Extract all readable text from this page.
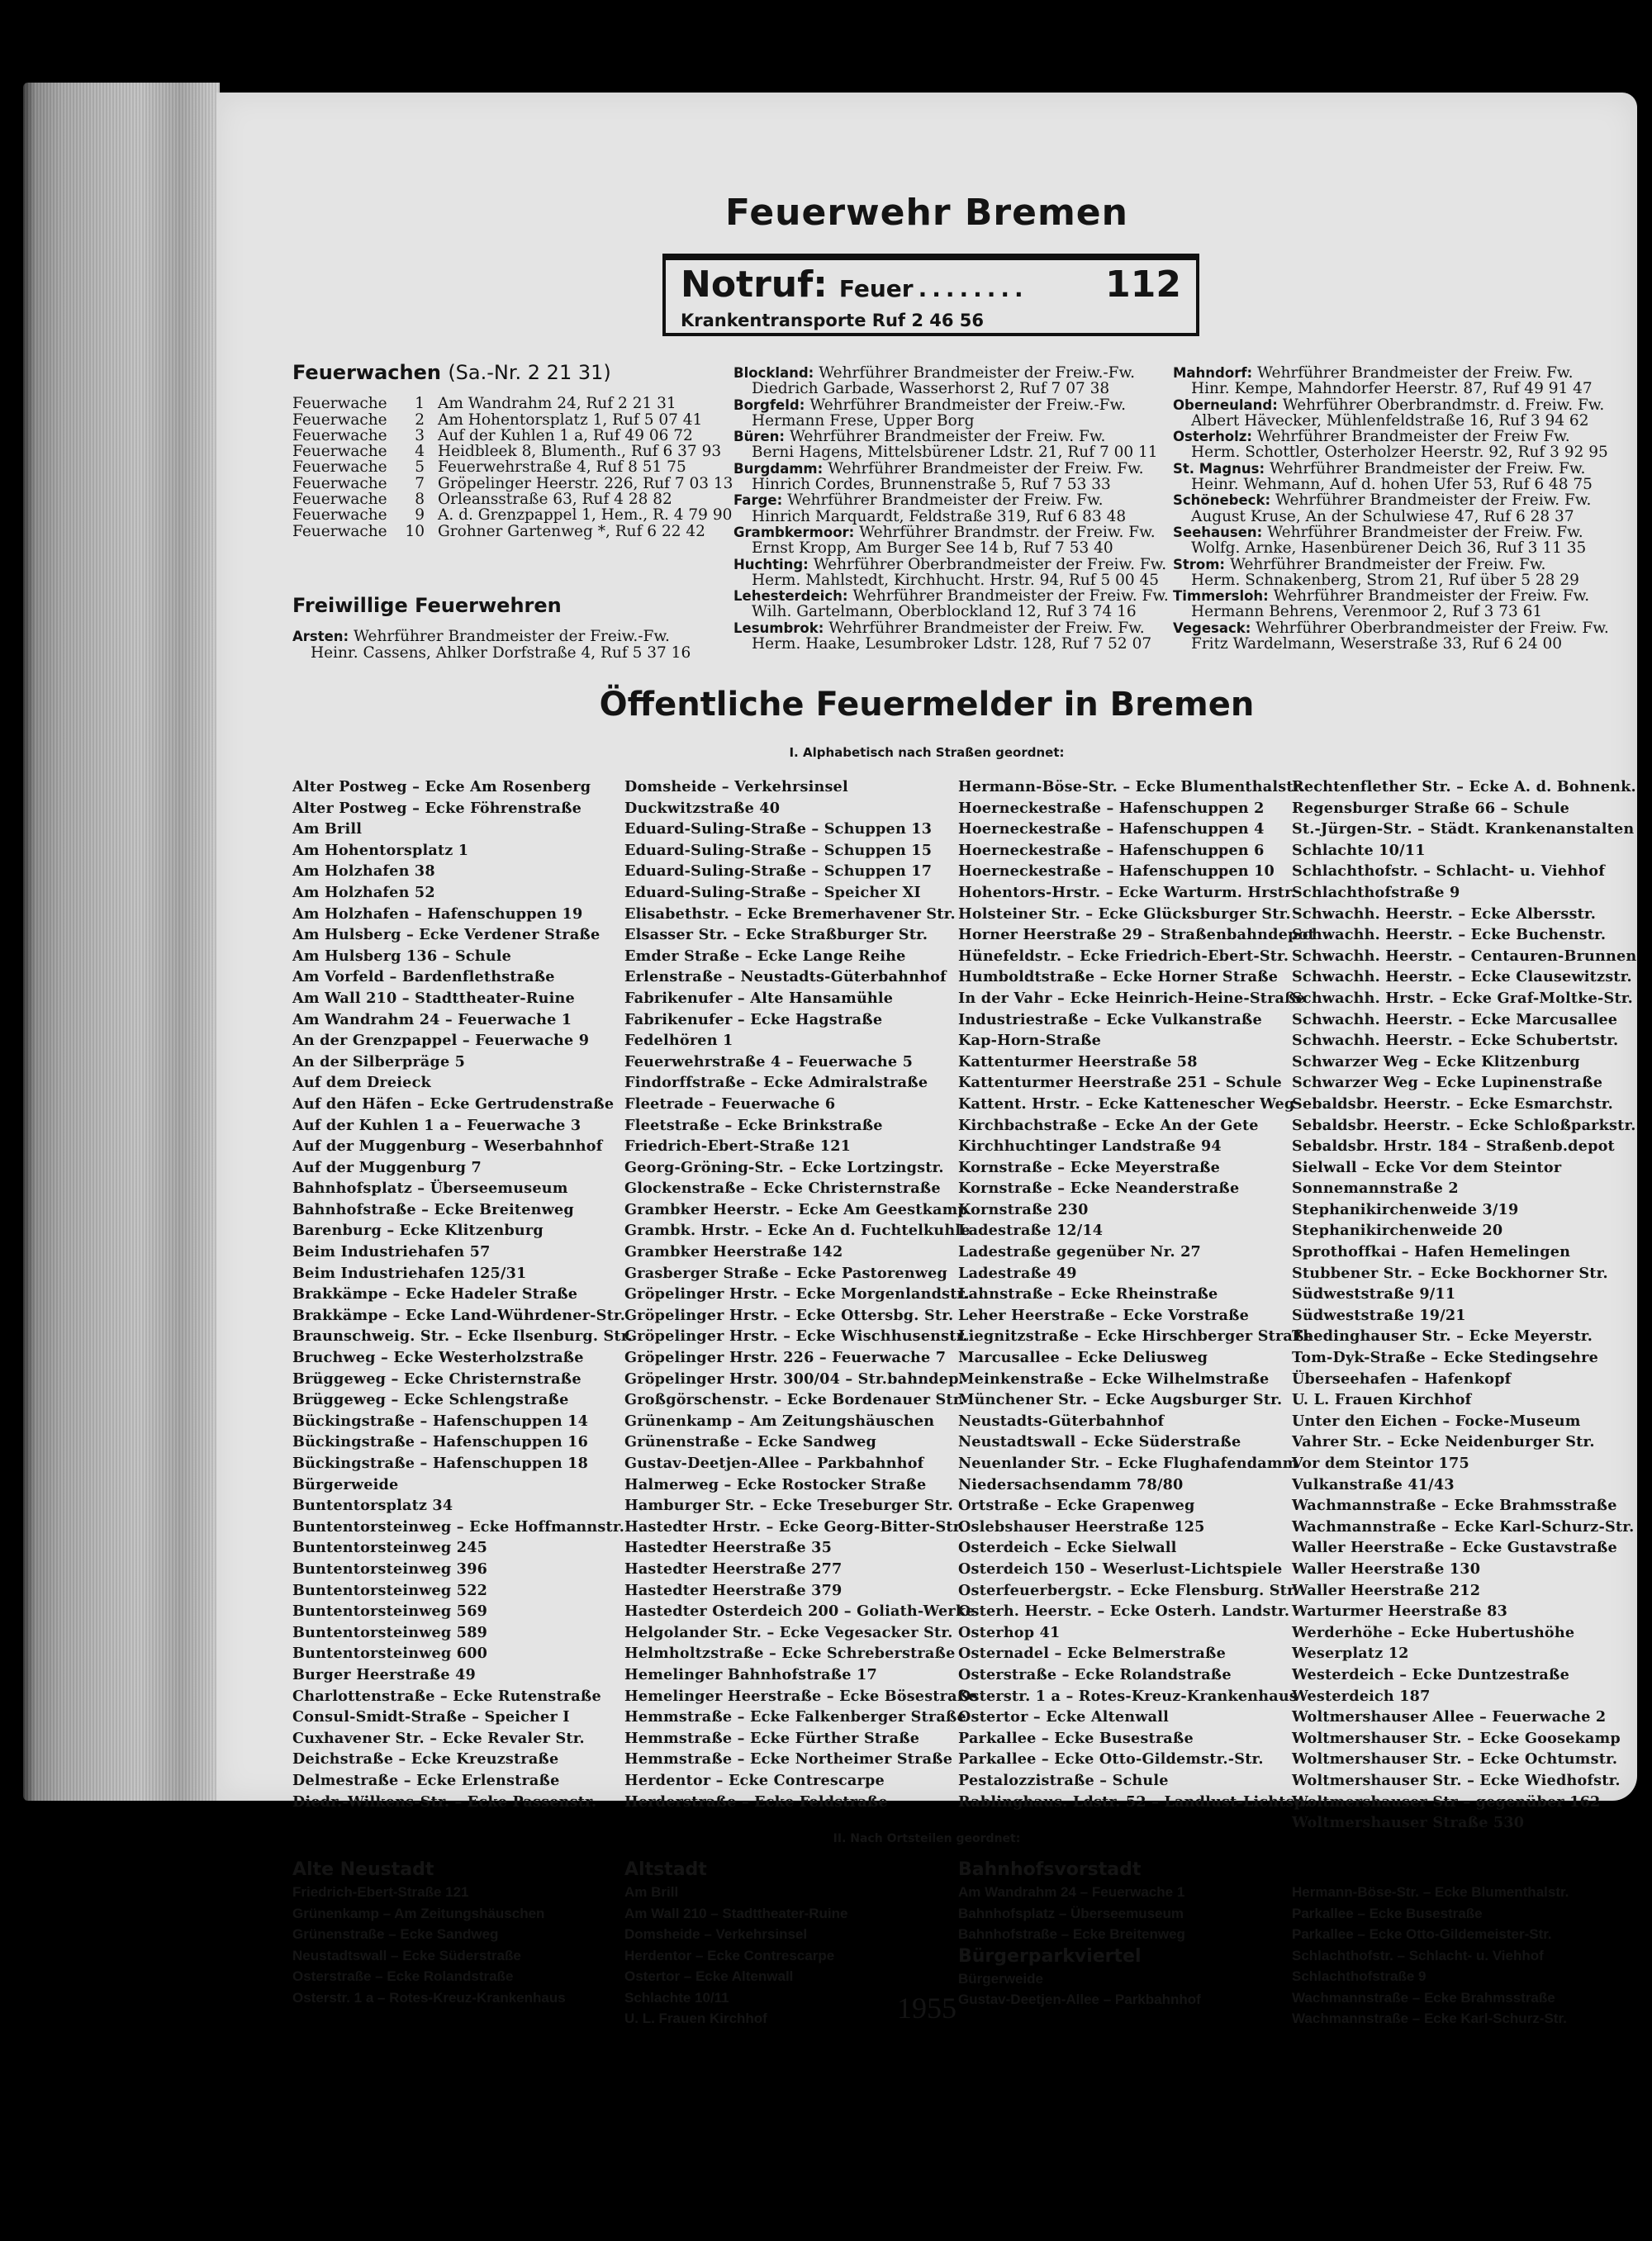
Feuerwehr Bremen
Notruf: Feuer ........	112
Krankentransporte Ruf 2 46 56
Feuerwachen (Sa.-Nr. 2 21 31)
Feuerwache	1 Am Wandrahm 24, Ruf 2 21 31
Feuerwache	2 Am Hohentorsplatz 1, Ruf 5 07 41
Feuerwache	3 Auf der Kuhlen 1 a, Ruf 49 06 72
Feuerwache	4 Heidbleek 8, Blumenth., Ruf 6 37 93
Feuerwache	5 Feuerwehrstraße 4, Ruf 8 51 75
Feuerwache	7 Gröpelinger Heerstr. 226, Ruf 7 03 13
Feuerwache	8 Orleansstraße 63, Ruf 4 28 82
Feuerwache	9 A. d. Grenzpappel 1, Hem., R. 4 79 90
Feuerwache	10 Grohner Gartenweg *, Ruf 6 22 42
Freiwillige Feuerwehren
Arsten: Wehrführer Brandmeister der Freiw.-Fw.
Heinr. Cassens, Ahlker Dorfstraße 4, Ruf 5 37 16
Blockland: Wehrführer Brandmeister der Freiw.-Fw.
Diedrich Garbade, Wasserhorst 2, Ruf 7 07 38
Borgfeld: Wehrführer Brandmeister der Freiw.-Fw.
Hermann Frese, Upper Borg
Büren: Wehrführer Brandmeister der Freiw. Fw.
Berni Hagens, Mittelsbürener Ldstr. 21, Ruf 7 00 11
Burgdamm: Wehrführer Brandmeister der Freiw. Fw.
Hinrich Cordes, Brunnenstraße 5, Ruf 7 53 33
Farge: Wehrführer Brandmeister der Freiw. Fw.
Hinrich Marquardt, Feldstraße 319, Ruf 6 83 48
Grambkermoor: Wehrführer Brandmstr. der Freiw. Fw.
Ernst Kropp, Am Burger See 14 b, Ruf 7 53 40
Huchting: Wehrführer Oberbrandmeister der Freiw. Fw.
Herm. Mahlstedt, Kirchhucht. Hrstr. 94, Ruf 5 00 45
Lehesterdeich: Wehrführer Brandmeister der Freiw. Fw.
Wilh. Gartelmann, Oberblockland 12, Ruf 3 74 16
Lesumbrok: Wehrführer Brandmeister der Freiw. Fw.
Herm. Haake, Lesumbroker Ldstr. 128, Ruf 7 52 07
Mahndorf: Wehrführer Brandmeister der Freiw. Fw.
Hinr. Kempe, Mahndorfer Heerstr. 87, Ruf 49 91 47
Oberneuland: Wehrführer Oberbrandmstr. d. Freiw. Fw.
Albert Hävecker, Mühlenfeldstraße 16, Ruf 3 94 62
Osterholz: Wehrführer Brandmeister der Freiw Fw.
Herm. Schottler, Osterholzer Heerstr. 92, Ruf 3 92 95
St. Magnus: Wehrführer Brandmeister der Freiw. Fw.
Heinr. Wehmann, Auf d. hohen Ufer 53, Ruf 6 48 75
Schönebeck: Wehrführer Brandmeister der Freiw. Fw.
August Kruse, An der Schulwiese 47, Ruf 6 28 37
Seehausen: Wehrführer Brandmeister der Freiw. Fw.
Wolfg. Arnke, Hasenbürener Deich 36, Ruf 3 11 35
Strom: Wehrführer Brandmeister der Freiw. Fw.
Herm. Schnakenberg, Strom 21, Ruf über 5 28 29
Timmersloh: Wehrführer Brandmeister der Freiw. Fw.
Hermann Behrens, Verenmoor 2, Ruf 3 73 61
Vegesack: Wehrführer Oberbrandmeister der Freiw. Fw.
Fritz Wardelmann, Weserstraße 33, Ruf 6 24 00
Öffentliche Feuermelder in Bremen
I. Alphabetisch nach Straßen geordnet:
Alter Postweg – Ecke Am Rosenberg
Alter Postweg – Ecke Föhrenstraße
Am Brill
Am Hohentorsplatz 1
Am Holzhafen 38
Am Holzhafen 52
Am Holzhafen – Hafenschuppen 19
Am Hulsberg – Ecke Verdener Straße
Am Hulsberg 136 – Schule
Am Vorfeld – Bardenflethstraße
Am Wall 210 – Stadttheater-Ruine
Am Wandrahm 24 – Feuerwache 1
An der Grenzpappel – Feuerwache 9
An der Silberpräge 5
Auf dem Dreieck
Auf den Häfen – Ecke Gertrudenstraße
Auf der Kuhlen 1 a – Feuerwache 3
Auf der Muggenburg – Weserbahnhof
Auf der Muggenburg 7
Bahnhofsplatz – Überseemuseum
Bahnhofstraße – Ecke Breitenweg
Barenburg – Ecke Klitzenburg
Beim Industriehafen 57
Beim Industriehafen 125/31
Brakkämpe – Ecke Hadeler Straße
Brakkämpe – Ecke Land-Wührdener-Str.
Braunschweig. Str. – Ecke Ilsenburg. Str.
Bruchweg – Ecke Westerholzstraße
Brüggeweg – Ecke Christernstraße
Brüggeweg – Ecke Schlengstraße
Bückingstraße – Hafenschuppen 14
Bückingstraße – Hafenschuppen 16
Bückingstraße – Hafenschuppen 18
Bürgerweide
Buntentorsplatz 34
Buntentorsteinweg – Ecke Hoffmannstr.
Buntentorsteinweg 245
Buntentorsteinweg 396
Buntentorsteinweg 522
Buntentorsteinweg 569
Buntentorsteinweg 589
Buntentorsteinweg 600
Burger Heerstraße 49
Charlottenstraße – Ecke Rutenstraße
Consul-Smidt-Straße – Speicher I
Cuxhavener Str. – Ecke Revaler Str.
Deichstraße – Ecke Kreuzstraße
Delmestraße – Ecke Erlenstraße
Diedr.-Wilkens-Str. – Ecke Passenstr.
Domsheide – Verkehrsinsel
Duckwitzstraße 40
Eduard-Suling-Straße – Schuppen 13
Eduard-Suling-Straße – Schuppen 15
Eduard-Suling-Straße – Schuppen 17
Eduard-Suling-Straße – Speicher XI
Elisabethstr. – Ecke Bremerhavener Str.
Elsasser Str. – Ecke Straßburger Str.
Emder Straße – Ecke Lange Reihe
Erlenstraße – Neustadts-Güterbahnhof
Fabrikenufer – Alte Hansamühle
Fabrikenufer – Ecke Hagstraße
Fedelhören 1
Feuerwehrstraße 4 – Feuerwache 5
Findorffstraße – Ecke Admiralstraße
Fleetrade – Feuerwache 6
Fleetstraße – Ecke Brinkstraße
Friedrich-Ebert-Straße 121
Georg-Gröning-Str. – Ecke Lortzingstr.
Glockenstraße – Ecke Christernstraße
Grambker Heerstr. – Ecke Am Geestkamp
Grambk. Hrstr. – Ecke An d. Fuchtelkuhle
Grambker Heerstraße 142
Grasberger Straße – Ecke Pastorenweg
Gröpelinger Hrstr. – Ecke Morgenlandstr.
Gröpelinger Hrstr. – Ecke Ottersbg. Str.
Gröpelinger Hrstr. – Ecke Wischhusenstr.
Gröpelinger Hrstr. 226 – Feuerwache 7
Gröpelinger Hrstr. 300/04 – Str.bahndep.
Großgörschenstr. – Ecke Bordenauer Str.
Grünenkamp – Am Zeitungshäuschen
Grünenstraße – Ecke Sandweg
Gustav-Deetjen-Allee – Parkbahnhof
Halmerweg – Ecke Rostocker Straße
Hamburger Str. – Ecke Treseburger Str.
Hastedter Hrstr. – Ecke Georg-Bitter-Str.
Hastedter Heerstraße 35
Hastedter Heerstraße 277
Hastedter Heerstraße 379
Hastedter Osterdeich 200 – Goliath-Werke
Helgolander Str. – Ecke Vegesacker Str.
Helmholtzstraße – Ecke Schreberstraße
Hemelinger Bahnhofstraße 17
Hemelinger Heerstraße – Ecke Bösestraße
Hemmstraße – Ecke Falkenberger Straße
Hemmstraße – Ecke Fürther Straße
Hemmstraße – Ecke Northeimer Straße
Herdentor – Ecke Contrescarpe
Herderstraße – Ecke Feldstraße
Hermann-Böse-Str. – Ecke Blumenthalstr.
Hoerneckestraße – Hafenschuppen 2
Hoerneckestraße – Hafenschuppen 4
Hoerneckestraße – Hafenschuppen 6
Hoerneckestraße – Hafenschuppen 10
Hohentors-Hrstr. – Ecke Warturm. Hrstr.
Holsteiner Str. – Ecke Glücksburger Str.
Horner Heerstraße 29 – Straßenbahndepot
Hünefeldstr. – Ecke Friedrich-Ebert-Str.
Humboldtstraße – Ecke Horner Straße
In der Vahr – Ecke Heinrich-Heine-Straße
Industriestraße – Ecke Vulkanstraße
Kap-Horn-Straße
Kattenturmer Heerstraße 58
Kattenturmer Heerstraße 251 – Schule
Kattent. Hrstr. – Ecke Kattenescher Weg
Kirchbachstraße – Ecke An der Gete
Kirchhuchtinger Landstraße 94
Kornstraße – Ecke Meyerstraße
Kornstraße – Ecke Neanderstraße
Kornstraße 230
Ladestraße 12/14
Ladestraße gegenüber Nr. 27
Ladestraße 49
Lahnstraße – Ecke Rheinstraße
Leher Heerstraße – Ecke Vorstraße
Liegnitzstraße – Ecke Hirschberger Straße
Marcusallee – Ecke Deliusweg
Meinkenstraße – Ecke Wilhelmstraße
Münchener Str. – Ecke Augsburger Str.
Neustadts-Güterbahnhof
Neustadtswall – Ecke Süderstraße
Neuenlander Str. – Ecke Flughafendamm
Niedersachsendamm 78/80
Ortstraße – Ecke Grapenweg
Oslebshauser Heerstraße 125
Osterdeich – Ecke Sielwall
Osterdeich 150 – Weserlust-Lichtspiele
Osterfeuerbergstr. – Ecke Flensburg. Str.
Osterh. Heerstr. – Ecke Osterh. Landstr.
Osterhop 41
Osternadel – Ecke Belmerstraße
Osterstraße – Ecke Rolandstraße
Osterstr. 1 a – Rotes-Kreuz-Krankenhaus
Ostertor – Ecke Altenwall
Parkallee – Ecke Busestraße
Parkallee – Ecke Otto-Gildemstr.-Str.
Pestalozzistraße – Schule
Rablinghaus. Ldstr. 52 – Landlust-Lichtsp.
Rechtenflether Str. – Ecke A. d. Bohnenk.
Regensburger Straße 66 – Schule
St.-Jürgen-Str. – Städt. Krankenanstalten
Schlachte 10/11
Schlachthofstr. – Schlacht- u. Viehhof
Schlachthofstraße 9
Schwachh. Heerstr. – Ecke Albersstr.
Schwachh. Heerstr. – Ecke Buchenstr.
Schwachh. Heerstr. – Centauren-Brunnen
Schwachh. Heerstr. – Ecke Clausewitzstr.
Schwachh. Hrstr. – Ecke Graf-Moltke-Str.
Schwachh. Heerstr. – Ecke Marcusallee
Schwachh. Heerstr. – Ecke Schubertstr.
Schwarzer Weg – Ecke Klitzenburg
Schwarzer Weg – Ecke Lupinenstraße
Sebaldsbr. Heerstr. – Ecke Esmarchstr.
Sebaldsbr. Heerstr. – Ecke Schloßparkstr.
Sebaldsbr. Hrstr. 184 – Straßenb.depot
Sielwall – Ecke Vor dem Steintor
Sonnemannstraße 2
Stephanikirchenweide 3/19
Stephanikirchenweide 20
Sprothoffkai – Hafen Hemelingen
Stubbener Str. – Ecke Bockhorner Str.
Südweststraße 9/11
Südweststraße 19/21
Thedinghauser Str. – Ecke Meyerstr.
Tom-Dyk-Straße – Ecke Stedingsehre
Überseehafen – Hafenkopf
U. L. Frauen Kirchhof
Unter den Eichen – Focke-Museum
Vahrer Str. – Ecke Neidenburger Str.
Vor dem Steintor 175
Vulkanstraße 41/43
Wachmannstraße – Ecke Brahmsstraße
Wachmannstraße – Ecke Karl-Schurz-Str.
Waller Heerstraße – Ecke Gustavstraße
Waller Heerstraße 130
Waller Heerstraße 212
Warturmer Heerstraße 83
Werderhöhe – Ecke Hubertushöhe
Weserplatz 12
Westerdeich – Ecke Duntzestraße
Westerdeich 187
Woltmershauser Allee – Feuerwache 2
Woltmershauser Str. – Ecke Goosekamp
Woltmershauser Str. – Ecke Ochtumstr.
Woltmershauser Str. – Ecke Wiedhofstr.
Woltmershauser Str – gegenüber 162
Woltmershauser Straße 530
II. Nach Ortsteilen geordnet:
Alte Neustadt
Friedrich-Ebert-Straße 121
Grünenkamp – Am Zeitungshäuschen
Grünenstraße – Ecke Sandweg
Neustadtswall – Ecke Süderstraße
Osterstraße – Ecke Rolandstraße
Osterstr. 1 a – Rotes-Kreuz-Krankenhaus
Altstadt
Am Brill
Am Wall 210 – Stadttheater-Ruine
Domsheide – Verkehrsinsel
Herdentor – Ecke Contrescarpe
Ostertor – Ecke Altenwall
Schlachte 10/11
U. L. Frauen Kirchhof
Bahnhofsvorstadt
Am Wandrahm 24 – Feuerwache 1
Bahnhofsplatz – Überseemuseum
Bahnhofstraße – Ecke Breitenweg
Bürgerparkviertel
Bürgerweide
Gustav-Deetjen-Allee – Parkbahnhof
Hermann-Böse-Str. – Ecke Blumenthalstr.
Parkallee – Ecke Busestraße
Parkallee – Ecke Otto-Gildemeister-Str.
Schlachthofstr. – Schlacht- u. Viehhof
Schlachthofstraße 9
Wachmannstraße – Ecke Brahmsstraße
Wachmannstraße – Ecke Karl-Schurz-Str.
1955
